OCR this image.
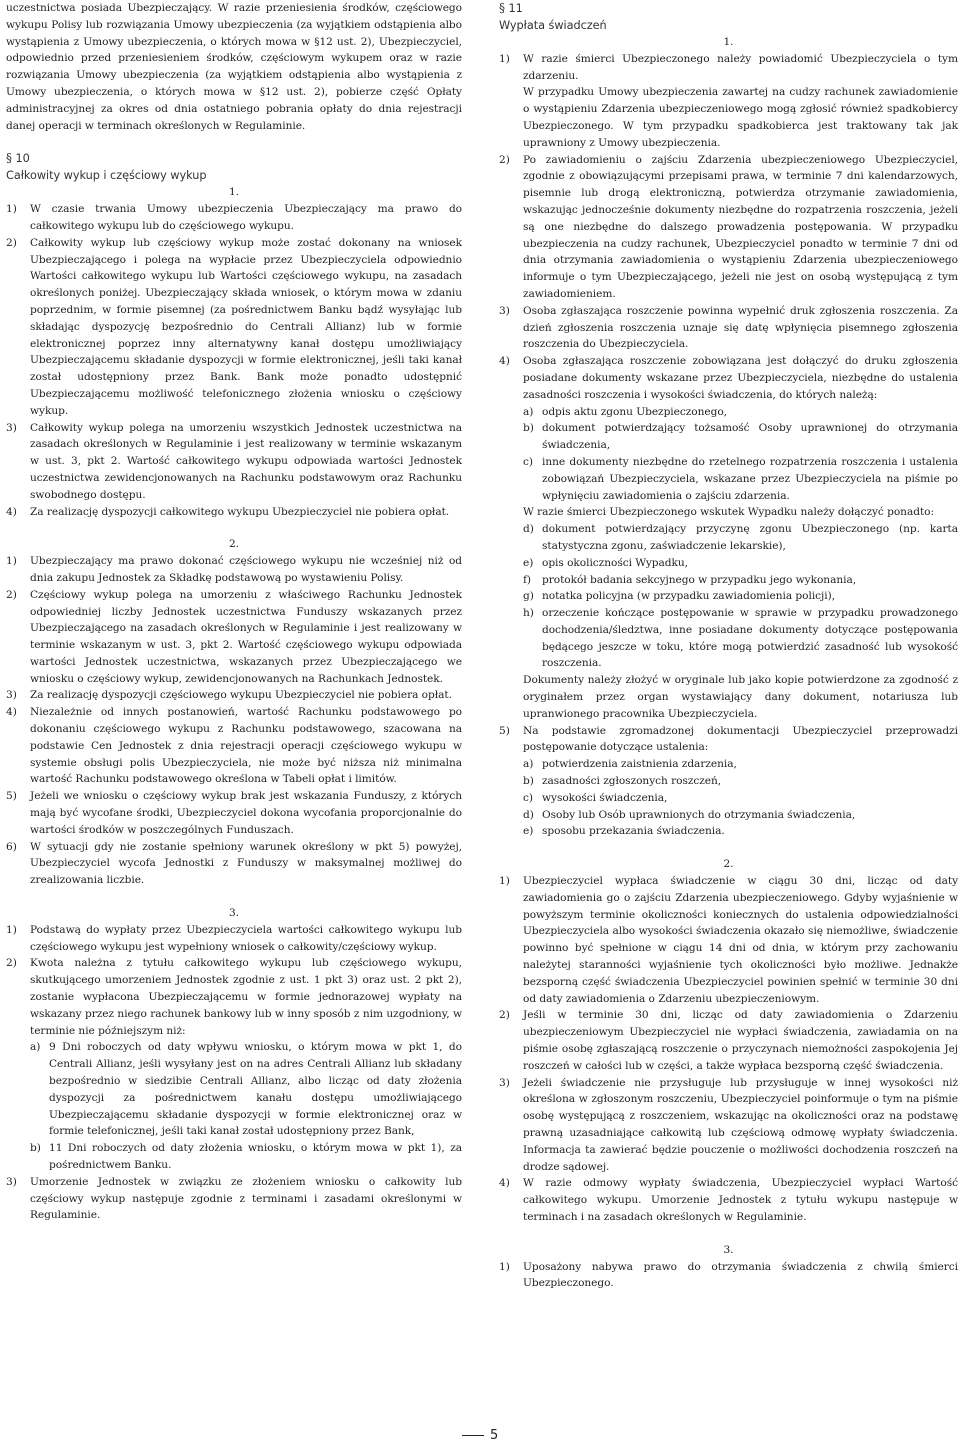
uczestnictwa posiada Ubezpieczający. W razie przeniesienia środków, częściowego wykupu Polisy lub rozwiązania Umowy ubezpieczenia (za wyjątkiem odstąpienia albo wystąpienia z Umowy ubezpieczenia, o których mowa w §12 ust. 2), Ubezpieczyciel, odpowiednio przed przeniesieniem środków, częściowym wykupem oraz w razie rozwiązania Umowy ubezpieczenia (za wyjątkiem odstąpienia albo wystąpienia z Umowy ubezpieczenia, o których mowa w §12 ust. 2), pobierze część Opłaty administracyjnej za okres od dnia ostatniego pobrania opłaty do dnia rejestracji danej operacji w terminach określonych w Regulaminie.

§ 10
Całkowity wykup i częściowy wykup
1.
1)	W czasie trwania Umowy ubezpieczenia Ubezpieczający ma prawo do całkowitego wykupu lub do częściowego wykupu.
2)	Całkowity wykup lub częściowy wykup może zostać dokonany na wniosek Ubezpieczającego i polega na wypłacie przez Ubezpieczyciela odpowiednio Wartości całkowitego wykupu lub Wartości częściowego wykupu, na zasadach określonych poniżej. Ubezpieczający składa wniosek, o którym mowa w zdaniu poprzednim, w formie pisemnej (za pośrednictwem Banku bądź wysyłając lub składając dyspozycję bezpośrednio do Centrali Allianz) lub w formie elektronicznej poprzez inny alternatywny kanał dostępu umożliwiający Ubezpieczającemu składanie dyspozycji w formie elektronicznej, jeśli taki kanał został udostępniony przez Bank. Bank może ponadto udostępnić Ubezpieczającemu możliwość telefonicznego złożenia wniosku o częściowy wykup.
3)	Całkowity wykup polega na umorzeniu wszystkich Jednostek uczestnictwa na zasadach określonych w Regulaminie i jest realizowany w terminie wskazanym w ust. 3, pkt 2. Wartość całkowitego wykupu odpowiada wartości Jednostek uczestnictwa zewidencjonowanych na Rachunku podstawowym oraz Rachunku swobodnego dostępu.
4)	Za realizację dyspozycji całkowitego wykupu Ubezpieczyciel nie pobiera opłat.
2.
1)	Ubezpieczający ma prawo dokonać częściowego wykupu nie wcześniej niż od dnia zakupu Jednostek za Składkę podstawową po wystawieniu Polisy.
2)	Częściowy wykup polega na umorzeniu z właściwego Rachunku Jednostek odpowiedniej liczby Jednostek uczestnictwa Funduszy wskazanych przez Ubezpieczającego na zasadach określonych w Regulaminie i jest realizowany w terminie wskazanym w ust. 3, pkt 2. Wartość częściowego wykupu odpowiada wartości Jednostek uczestnictwa, wskazanych przez Ubezpieczającego we wniosku o częściowy wykup, zewidencjonowanych na Rachunkach Jednostek.
3)	Za realizację dyspozycji częściowego wykupu Ubezpieczyciel nie pobiera opłat.
4)	Niezależnie od innych postanowień, wartość Rachunku podstawowego po dokonaniu częściowego wykupu z Rachunku podstawowego, szacowana na podstawie Cen Jednostek z dnia rejestracji operacji częściowego wykupu w systemie obsługi polis Ubezpieczyciela, nie może być niższa niż minimalna wartość Rachunku podstawowego określona w Tabeli opłat i limitów.
5)	Jeżeli we wniosku o częściowy wykup brak jest wskazania Funduszy, z których mają być wycofane środki, Ubezpieczyciel dokona wycofania proporcjonalnie do wartości środków w poszczególnych Funduszach.
6)	W sytuacji gdy nie zostanie spełniony warunek określony w pkt 5) powyżej, Ubezpieczyciel wycofa Jednostki z Funduszy w maksymalnej możliwej do zrealizowania liczbie.
3.
1)	Podstawą do wypłaty przez Ubezpieczyciela wartości całkowitego wykupu lub częściowego wykupu jest wypełniony wniosek o całkowity/częściowy wykup.
2)	Kwota należna z tytułu całkowitego wykupu lub częściowego wykupu, skutkującego umorzeniem Jednostek zgodnie z ust. 1 pkt 3) oraz ust. 2 pkt 2), zostanie wypłacona Ubezpieczającemu w formie jednorazowej wypłaty na wskazany przez niego rachunek bankowy lub w inny sposób z nim uzgodniony, w terminie nie późniejszym niż:
a) 9 Dni roboczych od daty wpływu wniosku, o którym mowa w pkt 1, do Centrali Allianz, jeśli wysyłany jest on na adres Centrali Allianz lub składany bezpośrednio w siedzibie Centrali Allianz, albo licząc od daty złożenia dyspozycji za pośrednictwem kanału dostępu umożliwiającego Ubezpieczającemu składanie dyspozycji w formie elektronicznej oraz w formie telefonicznej, jeśli taki kanał został udostępniony przez Bank,
b) 11 Dni roboczych od daty złożenia wniosku, o którym mowa w pkt 1), za pośrednictwem Banku.
3)	Umorzenie Jednostek w związku ze złożeniem wniosku o całkowity lub częściowy wykup następuje zgodnie z terminami i zasadami określonymi w Regulaminie.
§ 11
Wypłata świadczeń
1.
1)	W razie śmierci Ubezpieczonego należy powiadomić Ubezpieczyciela o tym zdarzeniu.

W przypadku Umowy ubezpieczenia zawartej na cudzy rachunek zawiadomienie o wystąpieniu Zdarzenia ubezpieczeniowego mogą zgłosić również spadkobiercy Ubezpieczonego. W tym przypadku spadkobierca jest traktowany tak jak uprawniony z Umowy ubezpieczenia.

2)	Po zawiadomieniu o zajściu Zdarzenia ubezpieczeniowego Ubezpieczyciel, zgodnie z obowiązującymi przepisami prawa, w terminie 7 dni kalendarzowych, pisemnie lub drogą elektroniczną, potwierdza otrzymanie zawiadomienia, wskazując jednocześnie dokumenty niezbędne do rozpatrzenia roszczenia, jeżeli są one niezbędne do dalszego prowadzenia postępowania. W przypadku ubezpieczenia na cudzy rachunek, Ubezpieczyciel ponadto w terminie 7 dni od dnia otrzymania zawiadomienia o wystąpieniu Zdarzenia ubezpieczeniowego informuje o tym Ubezpieczającego, jeżeli nie jest on osobą występującą z tym zawiadomieniem.
3)	Osoba zgłaszająca roszczenie powinna wypełnić druk zgłoszenia roszczenia. Za dzień zgłoszenia roszczenia uznaje się datę wpłynięcia pisemnego zgłoszenia roszczenia do Ubezpieczyciela.
4)	Osoba zgłaszająca roszczenie zobowiązana jest dołączyć do druku zgłoszenia posiadane dokumenty wskazane przez Ubezpieczyciela, niezbędne do ustalenia zasadności roszczenia i wysokości świadczenia, do których należą:
a) odpis aktu zgonu Ubezpieczonego,
b) dokument potwierdzający tożsamość Osoby uprawnionej do otrzymania świadczenia,
c) inne dokumenty niezbędne do rzetelnego rozpatrzenia roszczenia i ustalenia zobowiązań Ubezpieczyciela, wskazane przez Ubezpieczyciela na piśmie po wpłynięciu zawiadomienia o zajściu zdarzenia.

W razie śmierci Ubezpieczonego wskutek Wypadku należy dołączyć ponadto:

d) dokument potwierdzający przyczynę zgonu Ubezpieczonego (np. karta statystyczna zgonu, zaświadczenie lekarskie),
e) opis okoliczności Wypadku,
f)	protokół badania sekcyjnego w przypadku jego wykonania,
g) notatka policyjna (w przypadku zawiadomienia policji),
h) orzeczenie kończące postępowanie w sprawie w przypadku prowadzonego dochodzenia/śledztwa, inne posiadane dokumenty dotyczące postępowania będącego jeszcze w toku, które mogą potwierdzić zasadność lub wysokość roszczenia.

Dokumenty należy złożyć w oryginale lub jako kopie potwierdzone za zgodność z oryginałem przez organ wystawiający dany dokument, notariusza lub upranwionego pracownika Ubezpieczyciela.

5)	Na podstawie zgromadzonej dokumentacji Ubezpieczyciel przeprowadzi postępowanie dotyczące ustalenia:
a) potwierdzenia zaistnienia zdarzenia,
b) zasadności zgłoszonych roszczeń,
c) wysokości świadczenia,
d) Osoby lub Osób uprawnionych do otrzymania świadczenia,
e) sposobu przekazania świadczenia.
2.
1)	Ubezpieczyciel wypłaca świadczenie w ciągu 30 dni, licząc od daty zawiadomienia go o zajściu Zdarzenia ubezpieczeniowego. Gdyby wyjaśnienie w powyższym terminie okoliczności koniecznych do ustalenia odpowiedzialności Ubezpieczyciela albo wysokości świadczenia okazało się niemożliwe, świadczenie powinno być spełnione w ciągu 14 dni od dnia, w którym przy zachowaniu należytej staranności wyjaśnienie tych okoliczności było możliwe. Jednakże bezsporną część świadczenia Ubezpieczyciel powinien spełnić w terminie 30 dni od daty zawiadomienia o Zdarzeniu ubezpieczeniowym.
2)	Jeśli w terminie 30 dni, licząc od daty zawiadomienia o Zdarzeniu ubezpieczeniowym Ubezpieczyciel nie wypłaci świadczenia, zawiadamia on na piśmie osobę zgłaszającą roszczenie o przyczynach niemożności zaspokojenia Jej roszczeń w całości lub w części, a także wypłaca bezsporną część świadczenia.
3)	Jeżeli świadczenie nie przysługuje lub przysługuje w innej wysokości niż określona w zgłoszonym roszczeniu, Ubezpieczyciel poinformuje o tym na piśmie osobę występującą z roszczeniem, wskazując na okoliczności oraz na podstawę prawną uzasadniające całkowitą lub częściową odmowę wypłaty świadczenia. Informacja ta zawierać będzie pouczenie o możliwości dochodzenia roszczeń na drodze sądowej.
4)	W razie odmowy wypłaty świadczenia, Ubezpieczyciel wypłaci Wartość całkowitego wykupu. Umorzenie Jednostek z tytułu wykupu następuje w terminach i na zasadach określonych w Regulaminie.
3.
1)	Uposażony nabywa prawo do otrzymania świadczenia z chwilą śmierci Ubezpieczonego.
5
